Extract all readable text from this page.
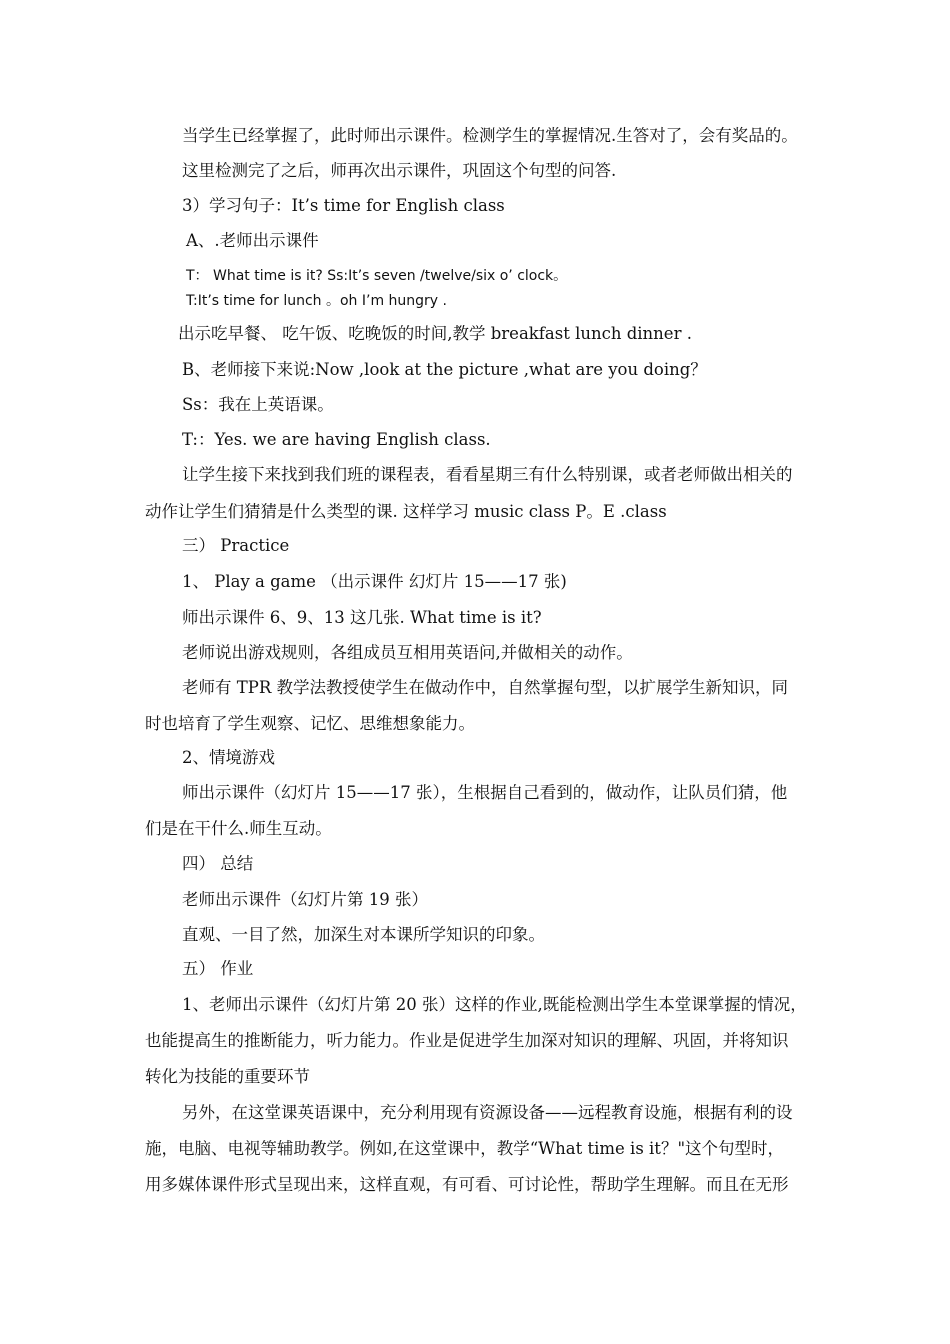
当学生已经掌握了，此时师出示课件。检测学生的掌握情况.生答对了，会有奖品的。
这里检测完了之后，师再次出示课件，巩固这个句型的问答.
3）学习句子：It’s time for English class
A、.老师出示课件
T： What time is it? Ss:It’s seven /twelve/six o’ clock。
T:It’s time for lunch 。oh I’m hungry .
出示吃早餐、 吃午饭、吃晚饭的时间,教学 breakfast lunch dinner .
B、老师接下来说:Now ,look at the picture ,what are you doing？
Ss：我在上英语课。
T:：Yes. we are having English class.
让学生接下来找到我们班的课程表，看看星期三有什么特别课，或者老师做出相关的
动作让学生们猜猜是什么类型的课. 这样学习 music class P。E .class
三） Practice
1、 Play a game （出示课件 幻灯片 15——17 张)
师出示课件 6、9、13 这几张. What time is it?
老师说出游戏规则，各组成员互相用英语问,并做相关的动作。
老师有 TPR 教学法教授使学生在做动作中，自然掌握句型，以扩展学生新知识，同
时也培育了学生观察、记忆、思维想象能力。
2、情境游戏
师出示课件（幻灯片 15——17 张），生根据自己看到的，做动作，让队员们猜，他
们是在干什么.师生互动。
四） 总结
老师出示课件（幻灯片第 19 张）
直观、一目了然，加深生对本课所学知识的印象。
五） 作业
1、老师出示课件（幻灯片第 20 张）这样的作业,既能检测出学生本堂课掌握的情况，
也能提高生的推断能力，听力能力。作业是促进学生加深对知识的理解、巩固，并将知识
转化为技能的重要环节
另外，在这堂课英语课中，充分利用现有资源设备——远程教育设施，根据有利的设
施，电脑、电视等辅助教学。例如,在这堂课中，教学“What time is it？"这个句型时，
用多媒体课件形式呈现出来，这样直观，有可看、可讨论性，帮助学生理解。而且在无形
